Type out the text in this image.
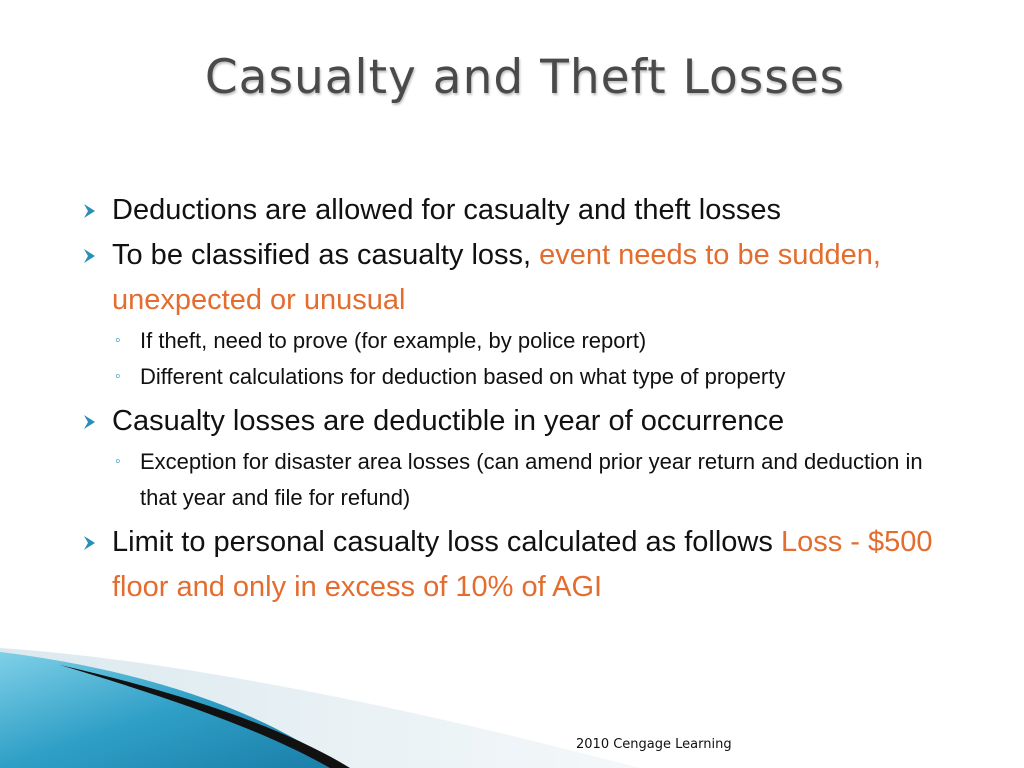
Casualty and Theft Losses
Deductions are allowed for casualty and theft losses
To be classified as casualty loss, event needs to be sudden, unexpected or unusual
◦ If theft, need to prove (for example, by police report)
◦ Different calculations for deduction based on what type of property
Casualty losses are deductible in year of occurrence
◦ Exception for disaster area losses (can amend prior year return and deduction in that year and file for refund)
Limit to personal casualty loss calculated as follows Loss - $500 floor and only in excess of 10% of AGI
2010 Cengage Learning
